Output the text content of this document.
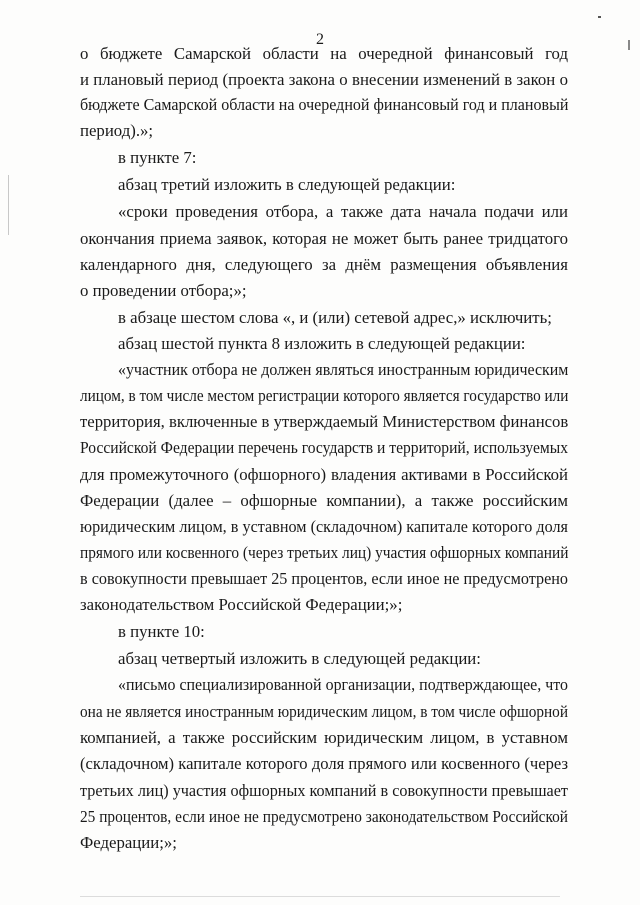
2
о бюджете Самарской области на очередной финансовый год
и плановый период (проекта закона о внесении изменений в закон о
бюджете Самарской области на очередной финансовый год и плановый
период).»;
в пункте 7:
абзац третий изложить в следующей редакции:
«сроки проведения отбора, а также дата начала подачи или
окончания приема заявок, которая не может быть ранее тридцатого
календарного дня, следующего за днём размещения объявления
о проведении отбора;»;
в абзаце шестом слова «, и (или) сетевой адрес,» исключить;
абзац шестой пункта 8 изложить в следующей редакции:
«участник отбора не должен являться иностранным юридическим
лицом, в том числе местом регистрации которого является государство или
территория, включенные в утверждаемый Министерством финансов
Российской Федерации перечень государств и территорий, используемых
для промежуточного (офшорного) владения активами в Российской
Федерации (далее – офшорные компании), а также российским
юридическим лицом, в уставном (складочном) капитале которого доля
прямого или косвенного (через третьих лиц) участия офшорных компаний
в совокупности превышает 25 процентов, если иное не предусмотрено
законодательством Российской Федерации;»;
в пункте 10:
абзац четвертый изложить в следующей редакции:
«письмо специализированной организации, подтверждающее, что
она не является иностранным юридическим лицом, в том числе офшорной
компанией, а также российским юридическим лицом, в уставном
(складочном) капитале которого доля прямого или косвенного (через
третьих лиц) участия офшорных компаний в совокупности превышает
25 процентов, если иное не предусмотрено законодательством Российской
Федерации;»;
